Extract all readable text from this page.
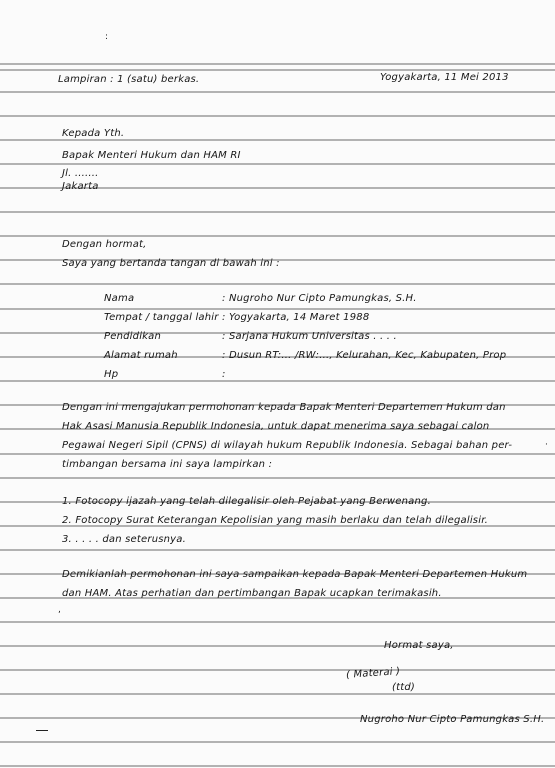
:
·
,
Lampiran : 1 (satu) berkas.	Yogyakarta, 11 Mei 2013
Kepada Yth.
Bapak Menteri Hukum dan HAM RI
Jl. .......
Jakarta
Dengan hormat,
Saya yang bertanda tangan di bawah ini :
Nama	: Nugroho Nur Cipto Pamungkas, S.H.
Tempat / tanggal lahir : Yogyakarta, 14 Maret 1988
Pendidikan	: Sarjana Hukum Universitas . . . .
Alamat rumah	: Dusun RT:... /RW:..., Kelurahan, Kec, Kabupaten, Prop
Hp	:
Dengan ini mengajukan permohonan kepada Bapak Menteri Departemen Hukum dan
Hak Asasi Manusia Republik Indonesia, untuk dapat menerima saya sebagai calon
Pegawai Negeri Sipil (CPNS) di wilayah hukum Republik Indonesia. Sebagai bahan per-
timbangan bersama ini saya lampirkan :
1. Fotocopy ijazah yang telah dilegalisir oleh Pejabat yang Berwenang.
2. Fotocopy Surat Keterangan Kepolisian yang masih berlaku dan telah dilegalisir.
3. . . . . dan seterusnya.
Demikianlah permohonan ini saya sampaikan kepada Bapak Menteri Departemen Hukum
dan HAM. Atas perhatian dan pertimbangan Bapak ucapkan terimakasih.
Hormat saya,
( Materai )
(ttd)
Nugroho Nur Cipto Pamungkas S.H.
